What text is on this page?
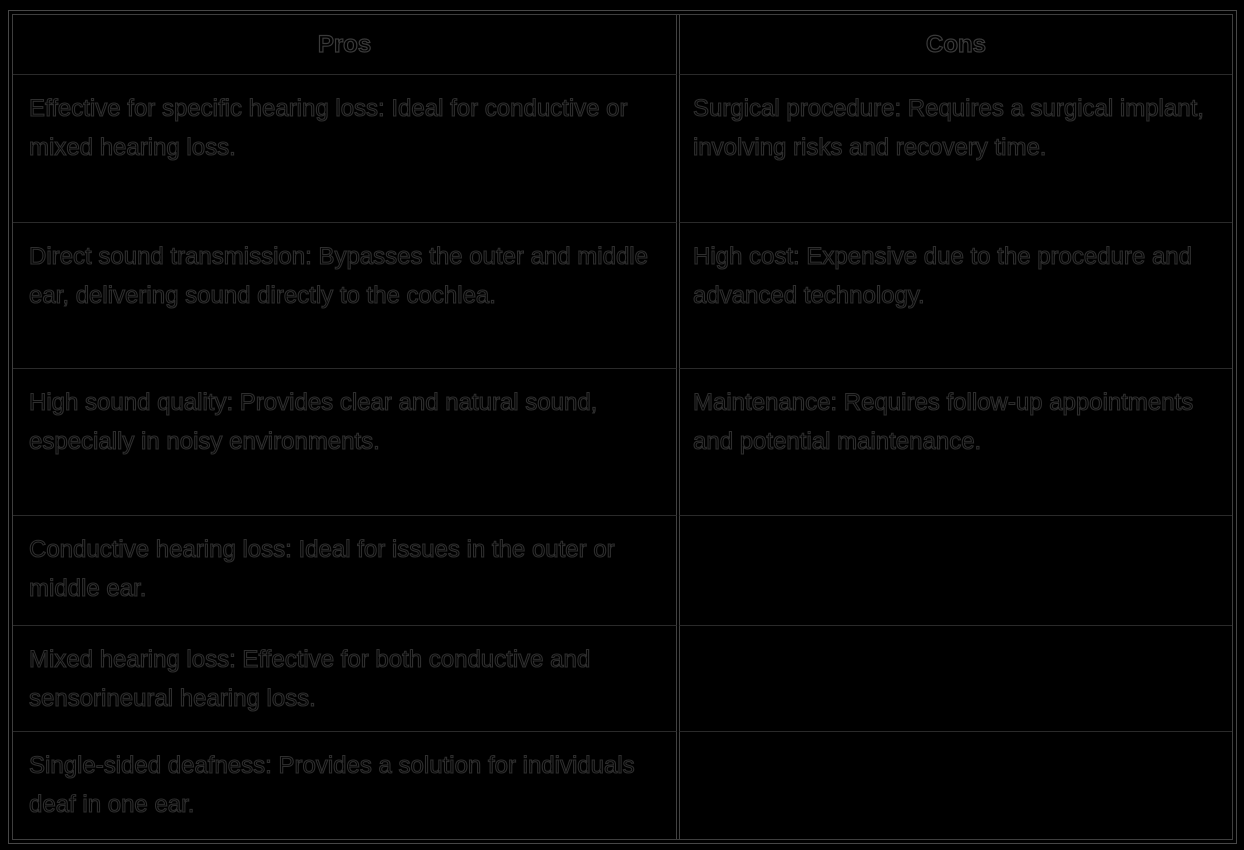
Pros	Cons
Effective for specific hearing loss: Ideal for conductive or mixed hearing loss.
Surgical procedure: Requires a surgical implant, involving risks and recovery time.
Direct sound transmission: Bypasses the outer and middle ear, delivering sound directly to the cochlea.
High cost: Expensive due to the procedure and advanced technology.
High sound quality: Provides clear and natural sound, especially in noisy environments.
Maintenance: Requires follow-up appointments and potential maintenance.
Conductive hearing loss: Ideal for issues in the outer or middle ear.
Mixed hearing loss: Effective for both conductive and sensorineural hearing loss.
Single-sided deafness: Provides a solution for individuals deaf in one ear.
